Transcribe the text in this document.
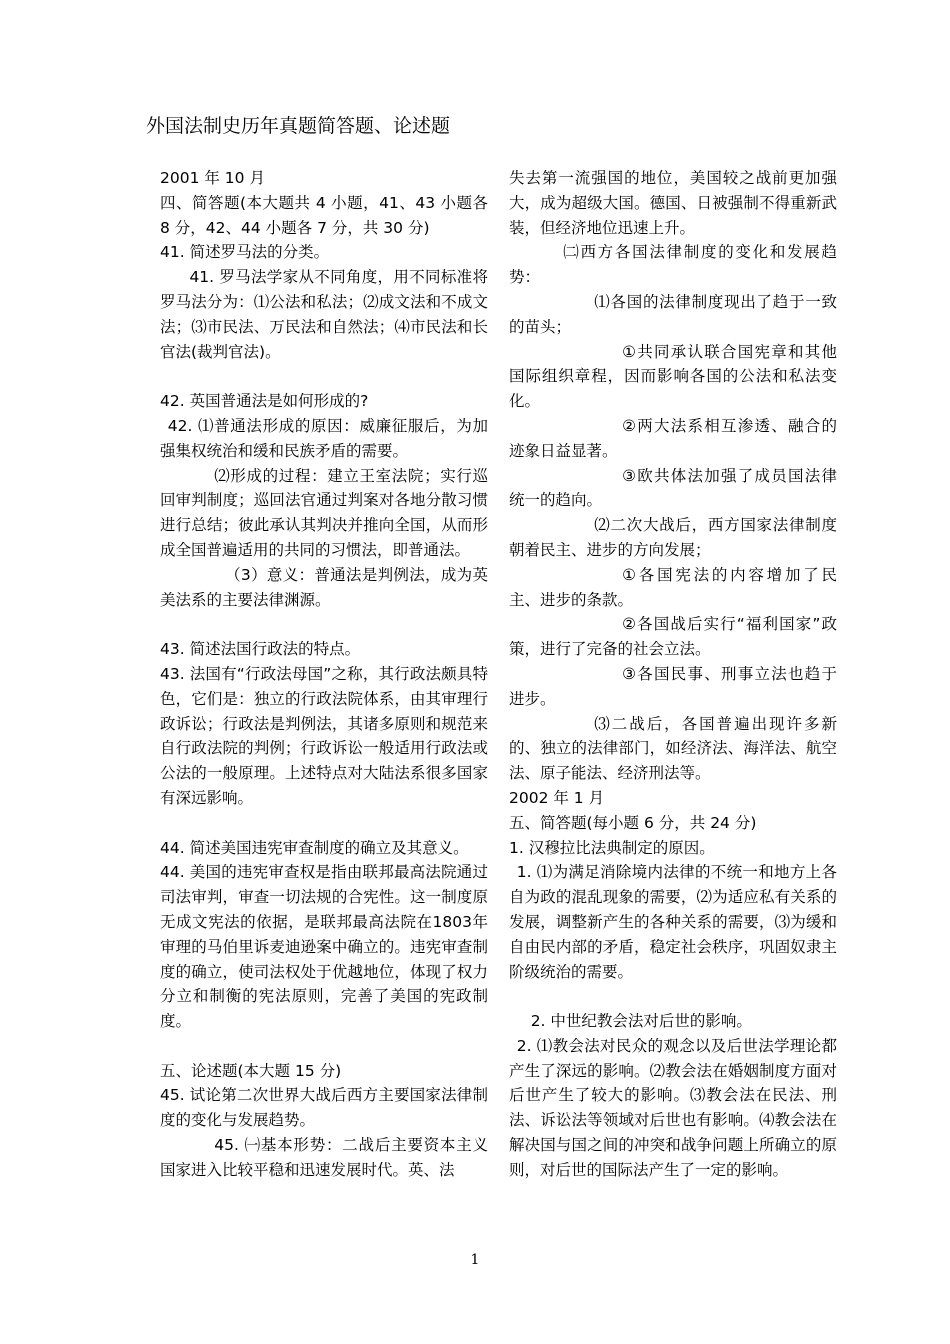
外国法制史历年真题简答题、论述题

2001 年 10 月

四、简答题(本大题共 4 小题，41、43 小题各 8 分，42、44 小题各 7 分，共 30 分)

41. 简述罗马法的分类。

41. 罗马法学家从不同角度，用不同标准将罗马法分为：⑴公法和私法；⑵成文法和不成文法；⑶市民法、万民法和自然法；⑷市民法和长官法(裁判官法)。

42. 英国普通法是如何形成的?

42. ⑴普通法形成的原因：威廉征服后，为加强集权统治和缓和民族矛盾的需要。

⑵形成的过程：建立王室法院；实行巡回审判制度；巡回法官通过判案对各地分散习惯进行总结；彼此承认其判决并推向全国，从而形成全国普遍适用的共同的习惯法，即普通法。

（3）意义：普通法是判例法，成为英美法系的主要法律渊源。

43. 简述法国行政法的特点。

43. 法国有“行政法母国”之称，其行政法颇具特色，它们是：独立的行政法院体系，由其审理行政诉讼；行政法是判例法，其诸多原则和规范来自行政法院的判例；行政诉讼一般适用行政法或公法的一般原理。上述特点对大陆法系很多国家有深远影响。

44. 简述美国违宪审查制度的确立及其意义。

44. 美国的违宪审查权是指由联邦最高法院通过司法审判，审查一切法规的合宪性。这一制度原无成文宪法的依据，是联邦最高法院在1803年审理的马伯里诉麦迪逊案中确立的。违宪审查制度的确立，使司法权处于优越地位，体现了权力分立和制衡的宪法原则，完善了美国的宪政制度。

五、论述题(本大题 15 分)

45. 试论第二次世界大战后西方主要国家法律制度的变化与发展趋势。

45. ㈠基本形势：二战后主要资本主义国家进入比较平稳和迅速发展时代。英、法

失去第一流强国的地位，美国较之战前更加强大，成为超级大国。德国、日被强制不得重新武装，但经济地位迅速上升。

㈡西方各国法律制度的变化和发展趋势：

⑴各国的法律制度现出了趋于一致的苗头；

①共同承认联合国宪章和其他国际组织章程，因而影响各国的公法和私法变化。

②两大法系相互渗透、融合的迹象日益显著。

③欧共体法加强了成员国法律统一的趋向。

⑵二次大战后，西方国家法律制度朝着民主、进步的方向发展；

①各国宪法的内容增加了民主、进步的条款。

②各国战后实行“福利国家”政策，进行了完备的社会立法。

③各国民事、刑事立法也趋于进步。

⑶二战后，各国普遍出现许多新的、独立的法律部门，如经济法、海洋法、航空法、原子能法、经济刑法等。

2002 年 1 月

五、简答题(每小题 6 分，共 24 分)

1. 汉穆拉比法典制定的原因。

1. ⑴为满足消除境内法律的不统一和地方上各自为政的混乱现象的需要，⑵为适应私有关系的发展，调整新产生的各种关系的需要，⑶为缓和自由民内部的矛盾，稳定社会秩序，巩固奴隶主阶级统治的需要。

2. 中世纪教会法对后世的影响。

2. ⑴教会法对民众的观念以及后世法学理论都产生了深远的影响。⑵教会法在婚姻制度方面对后世产生了较大的影响。⑶教会法在民法、刑法、诉讼法等领域对后世也有影响。⑷教会法在解决国与国之间的冲突和战争问题上所确立的原则，对后世的国际法产生了一定的影响。

1
